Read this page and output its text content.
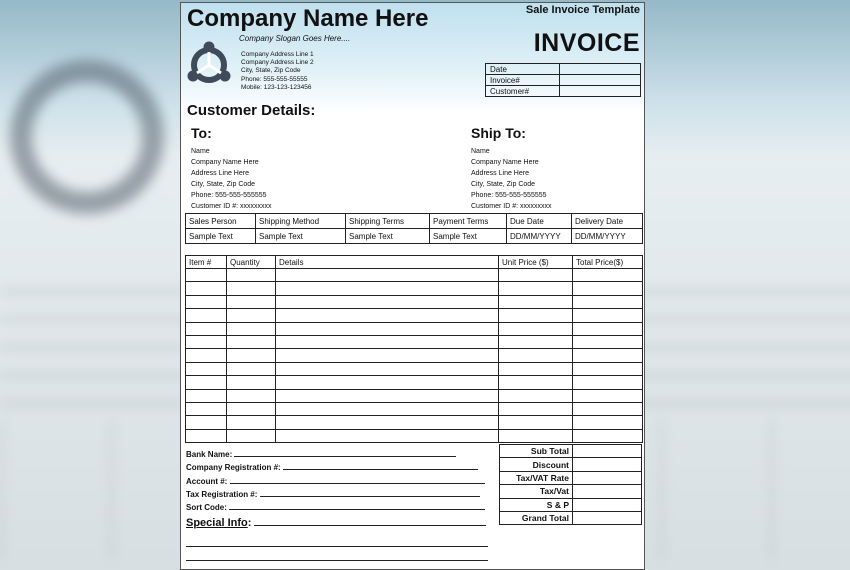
Company Name Here	Sale Invoice Template
Company Slogan Goes Here....	INVOICE
Company Address Line 1
Company Address Line 2
City, State, Zip Code
Phone: 555-555-55555
Mobile: 123-123-123456
Date	
Invoice#	
Customer#	
Customer Details:
To:	Ship To:
Name
Company Name Here
Address Line Here
City, State, Zip Code
Phone: 555-555-555555
Customer ID #: xxxxxxxxx
Name
Company Name Here
Address Line Here
City, State, Zip Code
Phone: 555-555-555555
Customer ID #: xxxxxxxxx
Sales Person	Shipping Method	Shipping Terms	Payment Terms	Due Date	Delivery Date
Sample Text	Sample Text	Sample Text	Sample Text	DD/MM/YYYY	DD/MM/YYYY
Item #	Quantity	Details	Unit Price ($)	Total Price($)

Bank Name:
Company Registration #:
Account #:
Tax Registration #:
Sort Code:
Special Info:
Sub Total	
Discount	
Tax/VAT Rate	
Tax/Vat	
S & P	
Grand Total	
